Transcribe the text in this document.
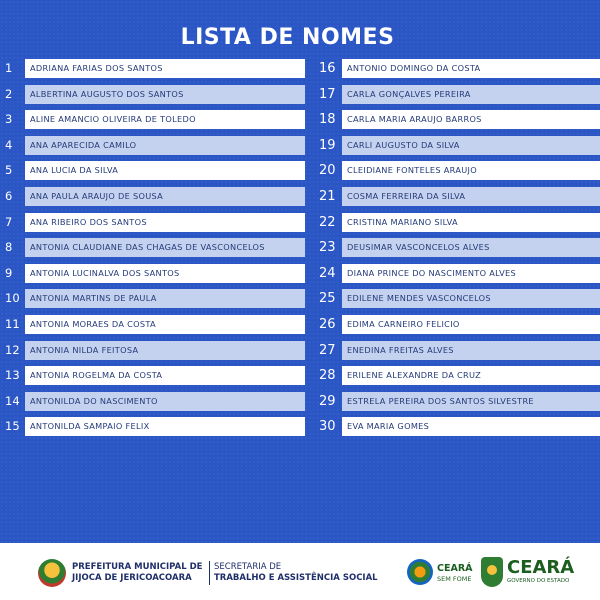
LISTA DE NOMES
1	ADRIANA FARIAS DOS SANTOS
2	ALBERTINA AUGUSTO DOS SANTOS
3	ALINE AMANCIO OLIVEIRA DE TOLEDO
4	ANA APARECIDA CAMILO
5	ANA LUCIA DA SILVA
6	ANA PAULA ARAUJO DE SOUSA
7	ANA RIBEIRO DOS SANTOS
8	ANTONIA CLAUDIANE DAS CHAGAS DE VASCONCELOS
9	ANTONIA LUCINALVA DOS SANTOS
10	ANTONIA MARTINS DE PAULA
11	ANTONIA MORAES DA COSTA
12	ANTONIA NILDA FEITOSA
13	ANTONIA ROGELMA DA COSTA
14	ANTONILDA DO NASCIMENTO
15	ANTONILDA SAMPAIO FELIX
16	ANTONIO DOMINGO DA COSTA
17	CARLA GONÇALVES PEREIRA
18	CARLA MARIA ARAUJO BARROS
19	CARLI AUGUSTO DA SILVA
20	CLEIDIANE FONTELES ARAUJO
21	COSMA FERREIRA DA SILVA
22	CRISTINA MARIANO SILVA
23	DEUSIMAR VASCONCELOS ALVES
24	DIANA PRINCE DO NASCIMENTO ALVES
25	EDILENE MENDES VASCONCELOS
26	EDIMA CARNEIRO FELICIO
27	ENEDINA FREITAS ALVES
28	ERILENE ALEXANDRE DA CRUZ
29	ESTRELA PEREIRA DOS SANTOS SILVESTRE
30	EVA MARIA GOMES
PREFEITURA MUNICIPAL DE
JIJOCA DE JERICOACOARA
SECRETARIA DE
TRABALHO E ASSISTÊNCIA SOCIAL
CEARÁ
SEM FOME
CEARÁ
GOVERNO DO ESTADO
